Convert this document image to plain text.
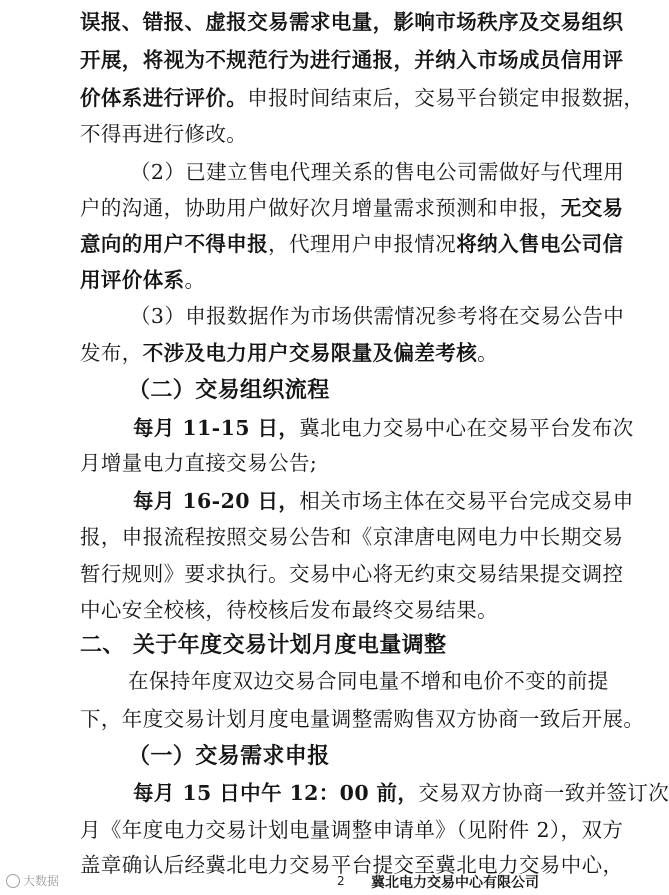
误报、错报、虚报交易需求电量，影响市场秩序及交易组织
开展，将视为不规范行为进行通报，并纳入市场成员信用评
价体系进行评价。申报时间结束后，交易平台锁定申报数据，
不得再进行修改。
（2）已建立售电代理关系的售电公司需做好与代理用
户的沟通，协助用户做好次月增量需求预测和申报，无交易
意向的用户不得申报，代理用户申报情况将纳入售电公司信
用评价体系。
（3）申报数据作为市场供需情况参考将在交易公告中
发布，不涉及电力用户交易限量及偏差考核。
（二）交易组织流程
每月 11-15 日，冀北电力交易中心在交易平台发布次
月增量电力直接交易公告;
每月 16-20 日，相关市场主体在交易平台完成交易申
报，申报流程按照交易公告和《京津唐电网电力中长期交易
暂行规则》要求执行。交易中心将无约束交易结果提交调控
中心安全校核，待校核后发布最终交易结果。
二、 关于年度交易计划月度电量调整
在保持年度双边交易合同电量不增和电价不变的前提
下，年度交易计划月度电量调整需购售双方协商一致后开展。
（一）交易需求申报
每月 15 日中午 12：00 前，交易双方协商一致并签订次
月《年度电力交易计划电量调整申请单》（见附件 2），双方
盖章确认后经冀北电力交易平台提交至冀北电力交易中心，
大数据	2 冀北电力交易中心有限公司
